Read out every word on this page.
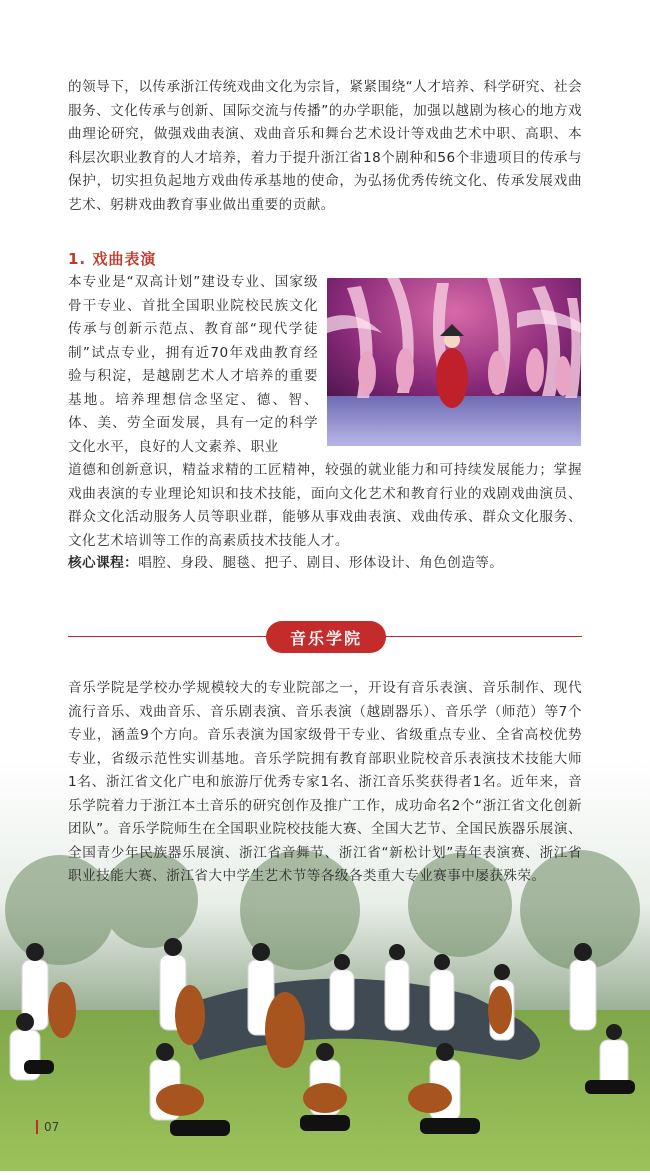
的领导下，以传承浙江传统戏曲文化为宗旨，紧紧围绕“人才培养、科学研究、社会服务、文化传承与创新、国际交流与传播”的办学职能，加强以越剧为核心的地方戏曲理论研究，做强戏曲表演、戏曲音乐和舞台艺术设计等戏曲艺术中职、高职、本科层次职业教育的人才培养，着力于提升浙江省18个剧种和56个非遗项目的传承与保护，切实担负起地方戏曲传承基地的使命，为弘扬优秀传统文化、传承发展戏曲艺术、躬耕戏曲教育事业做出重要的贡献。

1. 戏曲表演

本专业是“双高计划”建设专业、国家级骨干专业、首批全国职业院校民族文化传承与创新示范点、教育部“现代学徒制”试点专业，拥有近70年戏曲教育经验与积淀，是越剧艺术人才培养的重要基地。培养理想信念坚定、德、智、体、美、劳全面发展，具有一定的科学文化水平，良好的人文素养、职业

道德和创新意识，精益求精的工匠精神，较强的就业能力和可持续发展能力；掌握戏曲表演的专业理论知识和技术技能，面向文化艺术和教育行业的戏剧戏曲演员、群众文化活动服务人员等职业群，能够从事戏曲表演、戏曲传承、群众文化服务、文化艺术培训等工作的高素质技术技能人才。

核心课程：唱腔、身段、腿毯、把子、剧目、形体设计、角色创造等。

音乐学院

音乐学院是学校办学规模较大的专业院部之一，开设有音乐表演、音乐制作、现代流行音乐、戏曲音乐、音乐剧表演、音乐表演（越剧器乐）、音乐学（师范）等7个专业，涵盖9个方向。音乐表演为国家级骨干专业、省级重点专业、全省高校优势专业，省级示范性实训基地。音乐学院拥有教育部职业院校音乐表演技术技能大师1名、浙江省文化广电和旅游厅优秀专家1名、浙江音乐奖获得者1名。近年来，音乐学院着力于浙江本土音乐的研究创作及推广工作，成功命名2个“浙江省文化创新团队”。音乐学院师生在全国职业院校技能大赛、全国大艺节、全国民族器乐展演、全国青少年民族器乐展演、浙江省音舞节、浙江省“新松计划”青年表演赛、浙江省职业技能大赛、浙江省大中学生艺术节等各级各类重大专业赛事中屡获殊荣。

07
